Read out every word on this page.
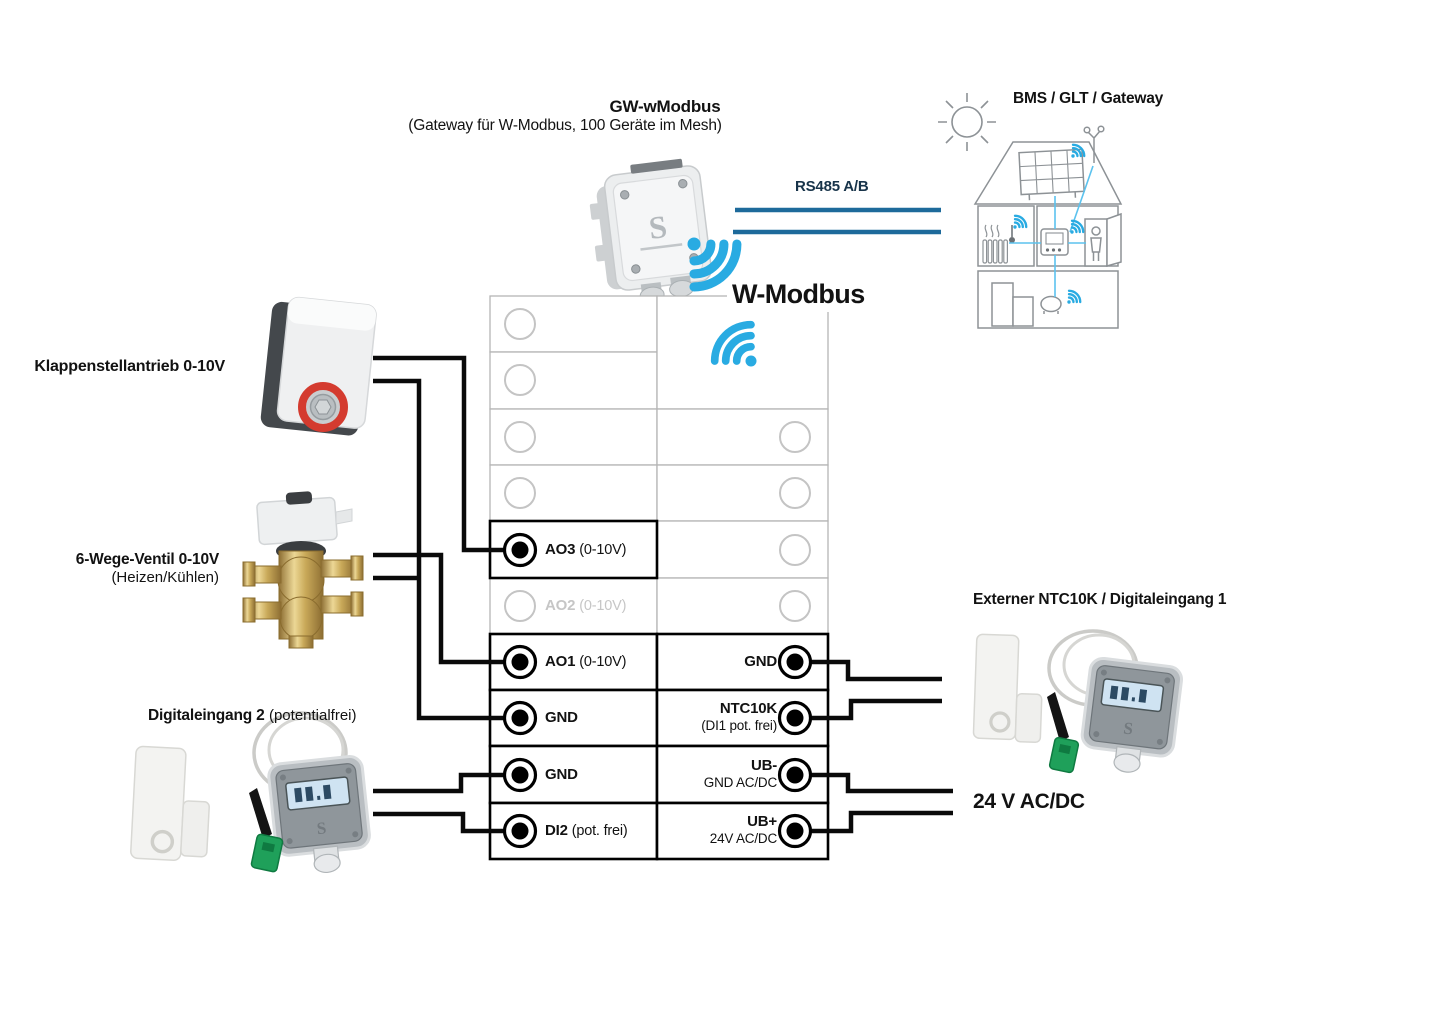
S
S
S
GW-wModbus
(Gateway für W-Modbus, 100 Geräte im Mesh)
BMS / GLT / Gateway
RS485 A/B
W-Modbus
Klappenstellantrieb 0-10V
6-Wege-Ventil 0-10V
(Heizen/Kühlen)
Digitaleingang 2 (potentialfrei)
Externer NTC10K / Digitaleingang 1
24 V AC/DC
AO3 (0-10V)
AO2 (0-10V)
AO1 (0-10V)
GND
GND
DI2 (pot. frei)
GND
NTC10K
(DI1 pot. frei)
UB-
GND AC/DC
UB+
24V AC/DC
